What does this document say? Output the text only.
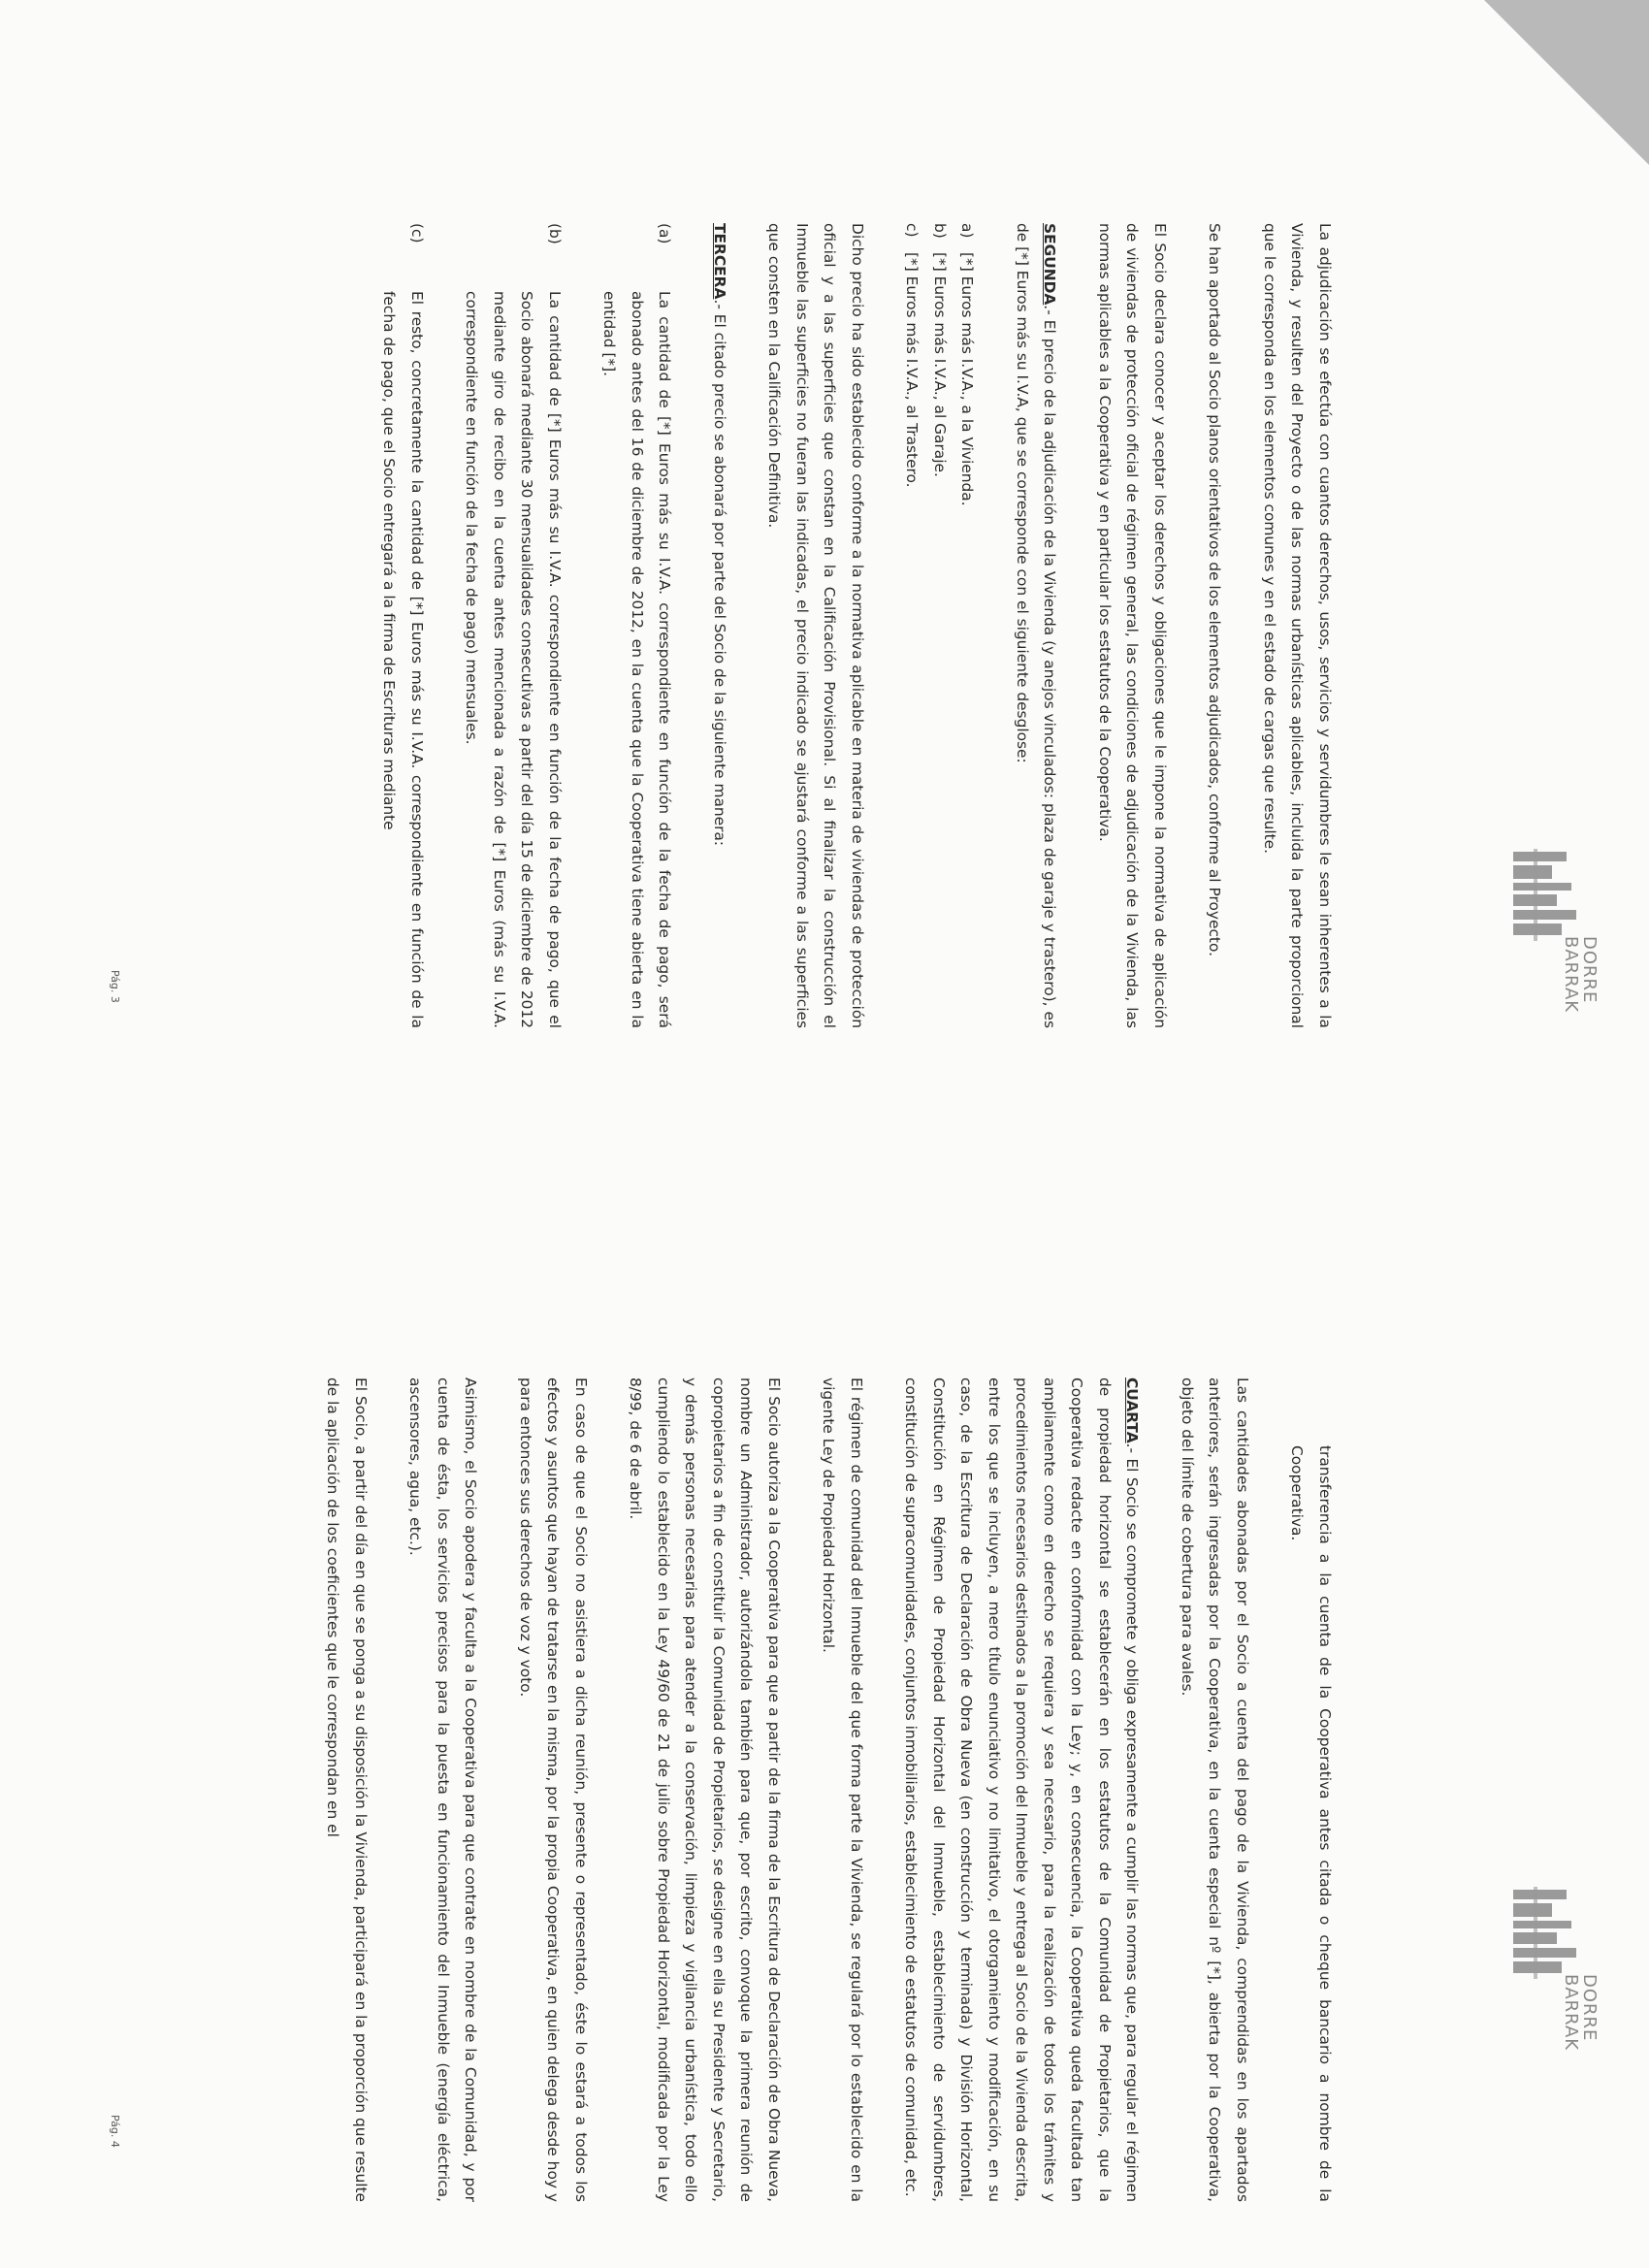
DORRE
BARRAK

La adjudicación se efectúa con cuantos derechos, usos, servicios y servidumbres le sean inherentes a la Vivienda, y resulten del Proyecto o de las normas urbanísticas aplicables, incluida la parte proporcional que le corresponda en los elementos comunes y en el estado de cargas que resulte.

Se han aportado al Socio planos orientativos de los elementos adjudicados, conforme al Proyecto.

El Socio declara conocer y aceptar los derechos y obligaciones que le impone la normativa de aplicación de viviendas de protección oficial de régimen general, las condiciones de adjudicación de la Vivienda, las normas aplicables a la Cooperativa y en particular los estatutos de la Cooperativa.

SEGUNDA.- El precio de la adjudicación de la Vivienda (y anejos vinculados: plaza de garaje y trastero), es de [*] Euros más su I.V.A, que se corresponde con el siguiente desglose:

a)
[*] Euros más I.V.A., a la Vivienda.
b)
[*] Euros más I.V.A., al Garaje.
c)
[*] Euros más I.V.A., al Trastero.

Dicho precio ha sido establecido conforme a la normativa aplicable en materia de viviendas de protección oficial y a las superficies que constan en la Calificación Provisional. Si al finalizar la construcción el Inmueble las superficies no fueran las indicadas, el precio indicado se ajustará conforme a las superficies que consten en la Calificación Definitiva.

TERCERA.- El citado precio se abonará por parte del Socio de la siguiente manera:

(a)
La cantidad de [*] Euros más su I.V.A. correspondiente en función de la fecha de pago, será abonado antes del 16 de diciembre de 2012, en la cuenta que la Cooperativa tiene abierta en la entidad [*].
(b)
La cantidad de [*] Euros más su I.V.A. correspondiente en función de la fecha de pago, que el Socio abonará mediante 30 mensualidades consecutivas a partir del día 15 de diciembre de 2012 mediante giro de recibo en la cuenta antes mencionada a razón de [*] Euros (más su I.V.A. correspondiente en función de la fecha de pago) mensuales.
(c)
El resto, concretamente la cantidad de [*] Euros más su I.V.A. correspondiente en función de la fecha de pago, que el Socio entregará a la firma de Escrituras mediante
Pág. 3
DORRE
BARRAK

transferencia a la cuenta de la Cooperativa antes citada o cheque bancario a nombre de la Cooperativa.

Las cantidades abonadas por el Socio a cuenta del pago de la Vivienda, comprendidas en los apartados anteriores, serán ingresadas por la Cooperativa, en la cuenta especial nº [*], abierta por la Cooperativa, objeto del límite de cobertura para avales.

CUARTA.- El Socio se compromete y obliga expresamente a cumplir las normas que, para regular el régimen de propiedad horizontal se establecerán en los estatutos de la Comunidad de Propietarios, que la Cooperativa redacte en conformidad con la Ley; y, en consecuencia, la Cooperativa queda facultada tan ampliamente como en derecho se requiera y sea necesario, para la realización de todos los trámites y procedimientos necesarios destinados a la promoción del Inmueble y entrega al Socio de la Vivienda descrita, entre los que se incluyen, a mero título enunciativo y no limitativo, el otorgamiento y modificación, en su caso, de la Escritura de Declaración de Obra Nueva (en construcción y terminada) y División Horizontal, Constitución en Régimen de Propiedad Horizontal del Inmueble, establecimiento de servidumbres, constitución de supracomunidades, conjuntos inmobiliarios, establecimiento de estatutos de comunidad, etc.

El régimen de comunidad del Inmueble del que forma parte la Vivienda, se regulará por lo establecido en la vigente Ley de Propiedad Horizontal.

El Socio autoriza a la Cooperativa para que a partir de la firma de la Escritura de Declaración de Obra Nueva, nombre un Administrador, autorizándola también para que, por escrito, convoque la primera reunión de copropietarios a fin de constituir la Comunidad de Propietarios, se designe en ella su Presidente y Secretario, y demás personas necesarias para atender a la conservación, limpieza y vigilancia urbanística, todo ello cumpliendo lo establecido en la Ley 49/60 de 21 de julio sobre Propiedad Horizontal, modificada por la Ley 8/99, de 6 de abril.

En caso de que el Socio no asistiera a dicha reunión, presente o representado, éste lo estará a todos los efectos y asuntos que hayan de tratarse en la misma, por la propia Cooperativa, en quien delega desde hoy y para entonces sus derechos de voz y voto.

Asimismo, el Socio apodera y faculta a la Cooperativa para que contrate en nombre de la Comunidad, y por cuenta de ésta, los servicios precisos para la puesta en funcionamiento del Inmueble (energía eléctrica, ascensores, agua, etc.).

El Socio, a partir del día en que se ponga a su disposición la Vivienda, participará en la proporción que resulte de la aplicación de los coeficientes que le correspondan en el

Pág. 4
